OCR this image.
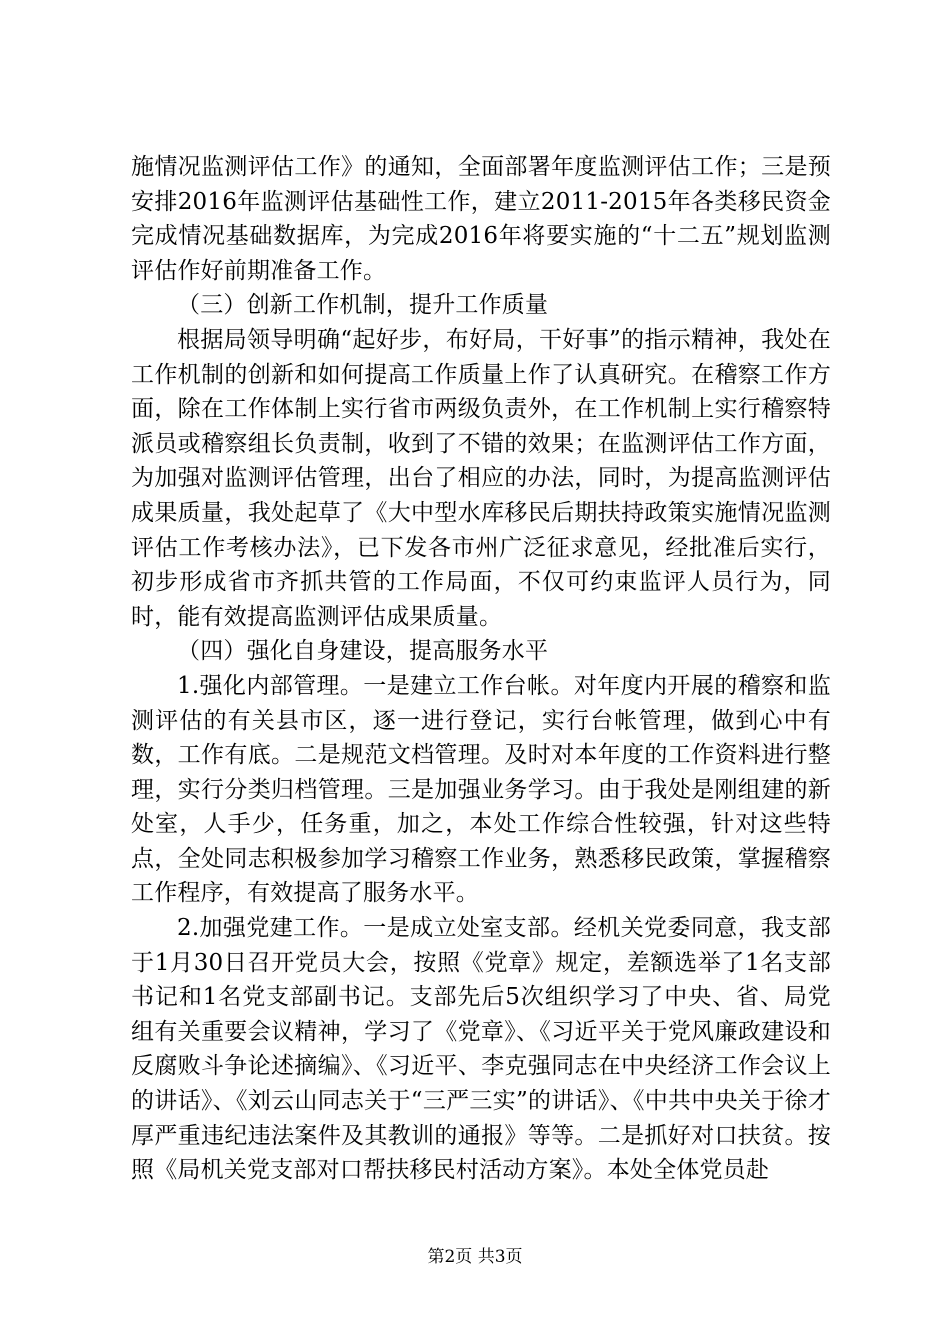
施情况监测评估工作》的通知，全面部署年度监测评估工作；三是预安排2016年监测评估基础性工作，建立2011-2015年各类移民资金完成情况基础数据库，为完成2016年将要实施的“十二五”规划监测评估作好前期准备工作。

（三）创新工作机制，提升工作质量

根据局领导明确“起好步，布好局，干好事”的指示精神，我处在工作机制的创新和如何提高工作质量上作了认真研究。在稽察工作方面，除在工作体制上实行省市两级负责外，在工作机制上实行稽察特派员或稽察组长负责制，收到了不错的效果；在监测评估工作方面，为加强对监测评估管理，出台了相应的办法，同时，为提高监测评估成果质量，我处起草了《大中型水库移民后期扶持政策实施情况监测评估工作考核办法》，已下发各市州广泛征求意见，经批准后实行，初步形成省市齐抓共管的工作局面，不仅可约束监评人员行为，同时，能有效提高监测评估成果质量。

（四）强化自身建设，提高服务水平

1.强化内部管理。一是建立工作台帐。对年度内开展的稽察和监测评估的有关县市区，逐一进行登记，实行台帐管理，做到心中有数，工作有底。二是规范文档管理。及时对本年度的工作资料进行整理，实行分类归档管理。三是加强业务学习。由于我处是刚组建的新处室，人手少，任务重，加之，本处工作综合性较强，针对这些特点，全处同志积极参加学习稽察工作业务，熟悉移民政策，掌握稽察工作程序，有效提高了服务水平。

2.加强党建工作。一是成立处室支部。经机关党委同意，我支部于1月30日召开党员大会，按照《党章》规定，差额选举了1名支部书记和1名党支部副书记。支部先后5次组织学习了中央、省、局党组有关重要会议精神，学习了《党章》、《习近平关于党风廉政建设和反腐败斗争论述摘编》、《习近平、李克强同志在中央经济工作会议上的讲话》、《刘云山同志关于“三严三实”的讲话》、《中共中央关于徐才厚严重违纪违法案件及其教训的通报》等等。二是抓好对口扶贫。按照《局机关党支部对口帮扶移民村活动方案》。本处全体党员赴

第2页 共3页
